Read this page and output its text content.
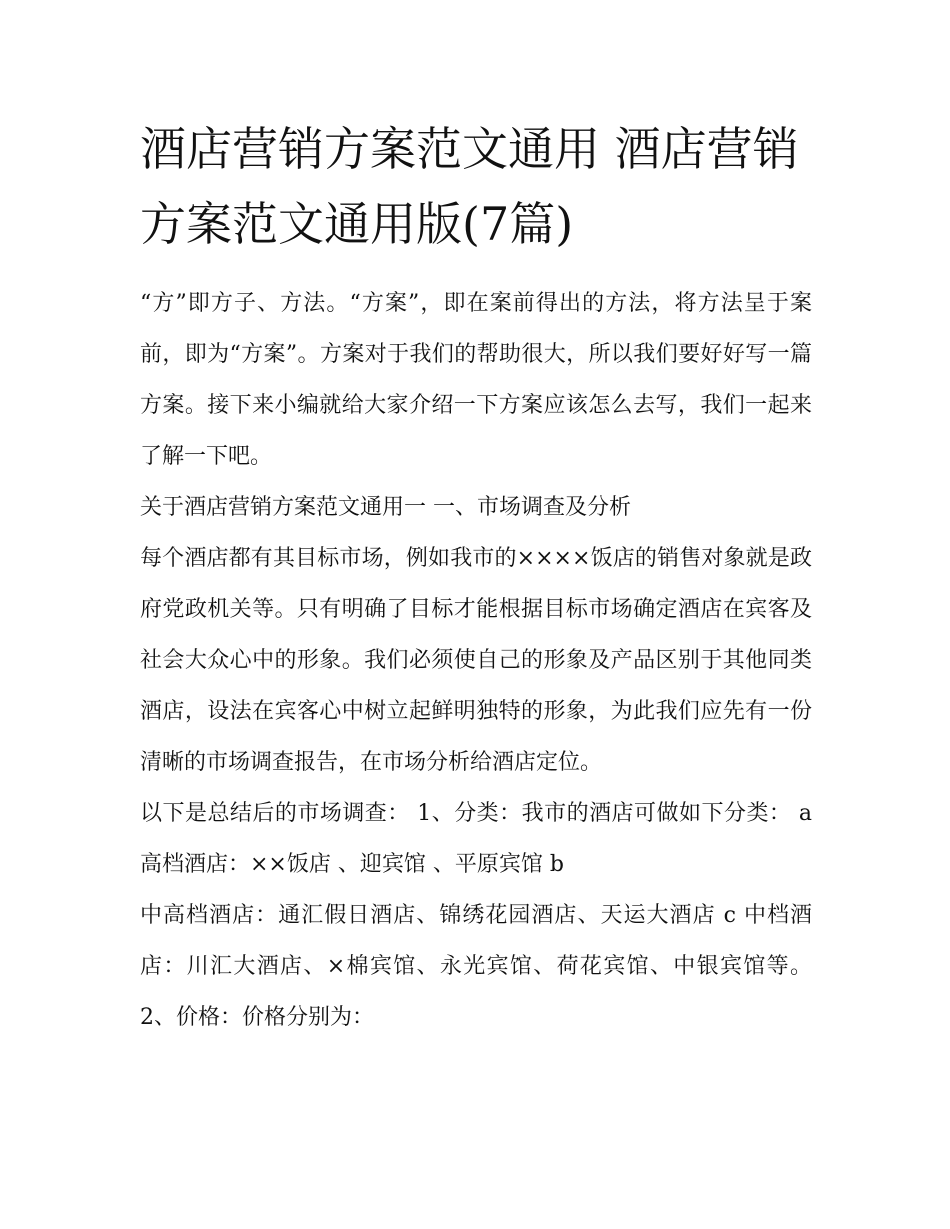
酒店营销方案范文通用 酒店营销方案范文通用版(7篇)

“方”即方子、方法。“方案”，即在案前得出的方法，将方法呈于案前，即为“方案”。方案对于我们的帮助很大，所以我们要好好写一篇方案。接下来小编就给大家介绍一下方案应该怎么去写，我们一起来了解一下吧。

关于酒店营销方案范文通用一 一、市场调查及分析

每个酒店都有其目标市场，例如我市的××××饭店的销售对象就是政府党政机关等。只有明确了目标才能根据目标市场确定酒店在宾客及社会大众心中的形象。我们必须使自己的形象及产品区别于其他同类酒店，设法在宾客心中树立起鲜明独特的形象，为此我们应先有一份清晰的市场调查报告，在市场分析给酒店定位。

以下是总结后的市场调查： 1、分类：我市的酒店可做如下分类： a 高档酒店：××饭店 、迎宾馆 、平原宾馆 b

中高档酒店：通汇假日酒店、锦绣花园酒店、天运大酒店 c 中档酒店：川汇大酒店、×棉宾馆、永光宾馆、荷花宾馆、中银宾馆等。 2、价格：价格分别为：
